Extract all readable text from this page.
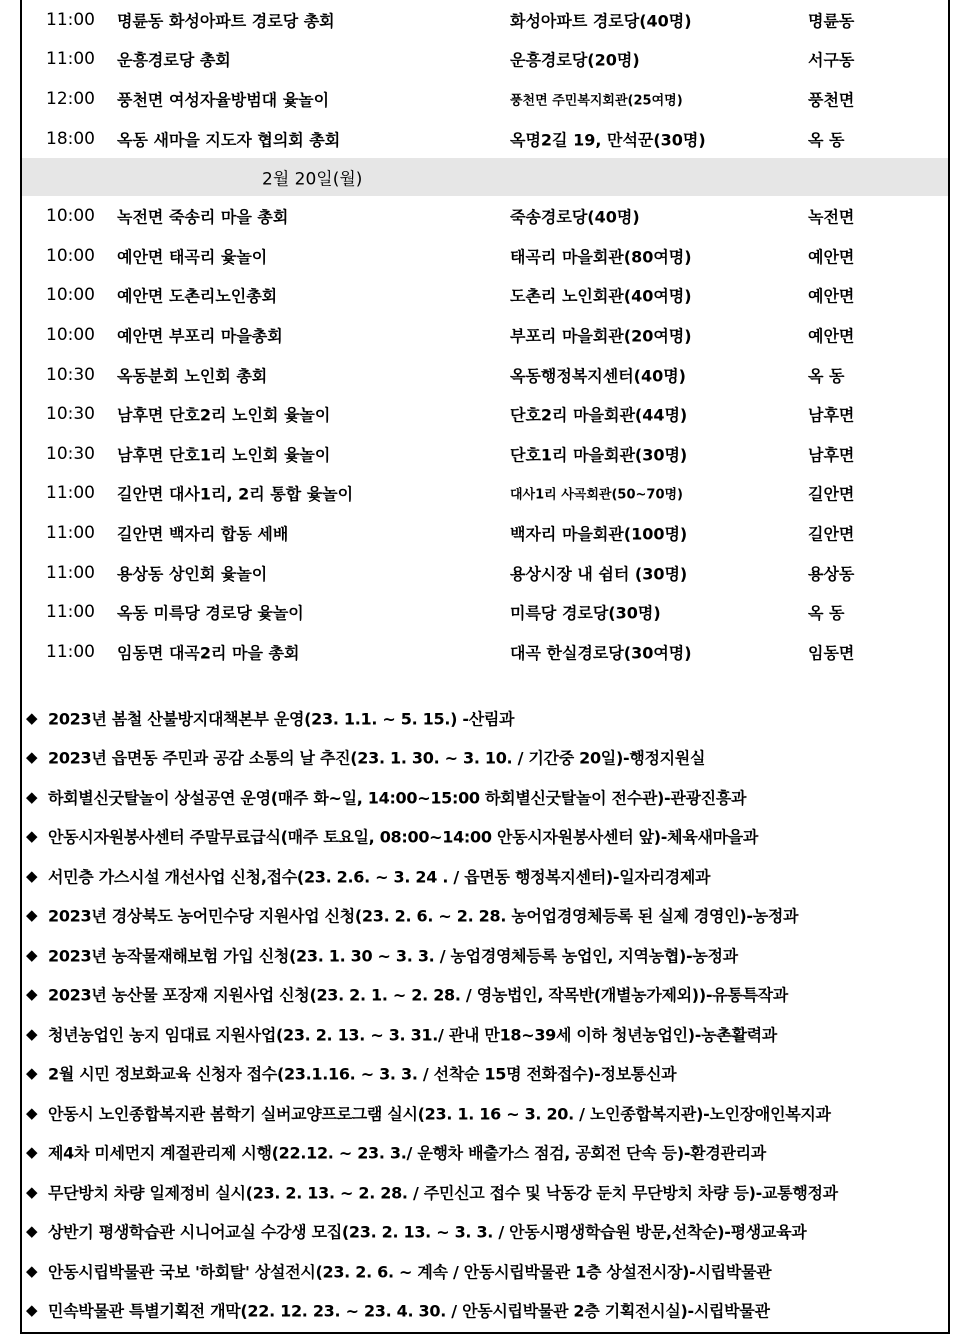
11:00 명륜동 화성아파트 경로당 총회	화성아파트 경로당(40명)	명륜동
11:00 운흥경로당 총회	운흥경로당(20명)	서구동
12:00 풍천면 여성자율방범대 윷놀이	풍천면 주민복지회관(25여명)	풍천면
18:00 옥동 새마을 지도자 협의회 총회	옥명2길 19, 만석꾼(30명)	옥 동
2월 20일(월)
10:00 녹전면 죽송리 마을 총회	죽송경로당(40명)	녹전면
10:00 예안면 태곡리 윷놀이	태곡리 마을회관(80여명)	예안면
10:00 예안면 도촌리노인총회	도촌리 노인회관(40여명)	예안면
10:00 예안면 부포리 마을총회	부포리 마을회관(20여명)	예안면
10:30 옥동분회 노인회 총회	옥동행정복지센터(40명)	옥 동
10:30 남후면 단호2리 노인회 윷놀이	단호2리 마을회관(44명)	남후면
10:30 남후면 단호1리 노인회 윷놀이	단호1리 마을회관(30명)	남후면
11:00 길안면 대사1리, 2리 통합 윷놀이	대사1리 사곡회관(50~70명)	길안면
11:00 길안면 백자리 합동 세배	백자리 마을회관(100명)	길안면
11:00 용상동 상인회 윷놀이	용상시장 내 쉼터 (30명)	용상동
11:00 옥동 미륵당 경로당 윷놀이	미륵당 경로당(30명)	옥 동
11:00 임동면 대곡2리 마을 총회	대곡 한실경로당(30여명)	임동면
◆ 2023년 봄철 산불방지대책본부 운영(23. 1.1. ~ 5. 15.) -산림과
◆ 2023년 읍면동 주민과 공감 소통의 날 추진(23. 1. 30. ~ 3. 10. / 기간중 20일)-행정지원실
◆ 하회별신굿탈놀이 상설공연 운영(매주 화~일, 14:00~15:00 하회별신굿탈놀이 전수관)-관광진흥과
◆ 안동시자원봉사센터 주말무료급식(매주 토요일, 08:00~14:00 안동시자원봉사센터 앞)-체육새마을과
◆ 서민층 가스시설 개선사업 신청,접수(23. 2.6. ~ 3. 24 . / 읍면동 행정복지센터)-일자리경제과
◆ 2023년 경상북도 농어민수당 지원사업 신청(23. 2. 6. ~ 2. 28. 농어업경영체등록 된 실제 경영인)-농정과
◆ 2023년 농작물재해보험 가입 신청(23. 1. 30 ~ 3. 3. / 농업경영체등록 농업인, 지역농협)-농정과
◆ 2023년 농산물 포장재 지원사업 신청(23. 2. 1. ~ 2. 28. / 영농법인, 작목반(개별농가제외))-유통특작과
◆ 청년농업인 농지 임대료 지원사업(23. 2. 13. ~ 3. 31./ 관내 만18~39세 이하 청년농업인)-농촌활력과
◆ 2월 시민 정보화교육 신청자 접수(23.1.16. ~ 3. 3. / 선착순 15명 전화접수)-정보통신과
◆ 안동시 노인종합복지관 봄학기 실버교양프로그램 실시(23. 1. 16 ~ 3. 20. / 노인종합복지관)-노인장애인복지과
◆ 제4차 미세먼지 계절관리제 시행(22.12. ~ 23. 3./ 운행차 배출가스 점검, 공회전 단속 등)-환경관리과
◆ 무단방치 차량 일제정비 실시(23. 2. 13. ~ 2. 28. / 주민신고 접수 및 낙동강 둔치 무단방치 차량 등)-교통행정과
◆ 상반기 평생학습관 시니어교실 수강생 모집(23. 2. 13. ~ 3. 3. / 안동시평생학습원 방문,선착순)-평생교육과
◆ 안동시립박물관 국보 '하회탈' 상설전시(23. 2. 6. ~ 계속 / 안동시립박물관 1층 상설전시장)-시립박물관
◆ 민속박물관 특별기획전 개막(22. 12. 23. ~ 23. 4. 30. / 안동시립박물관 2층 기획전시실)-시립박물관
